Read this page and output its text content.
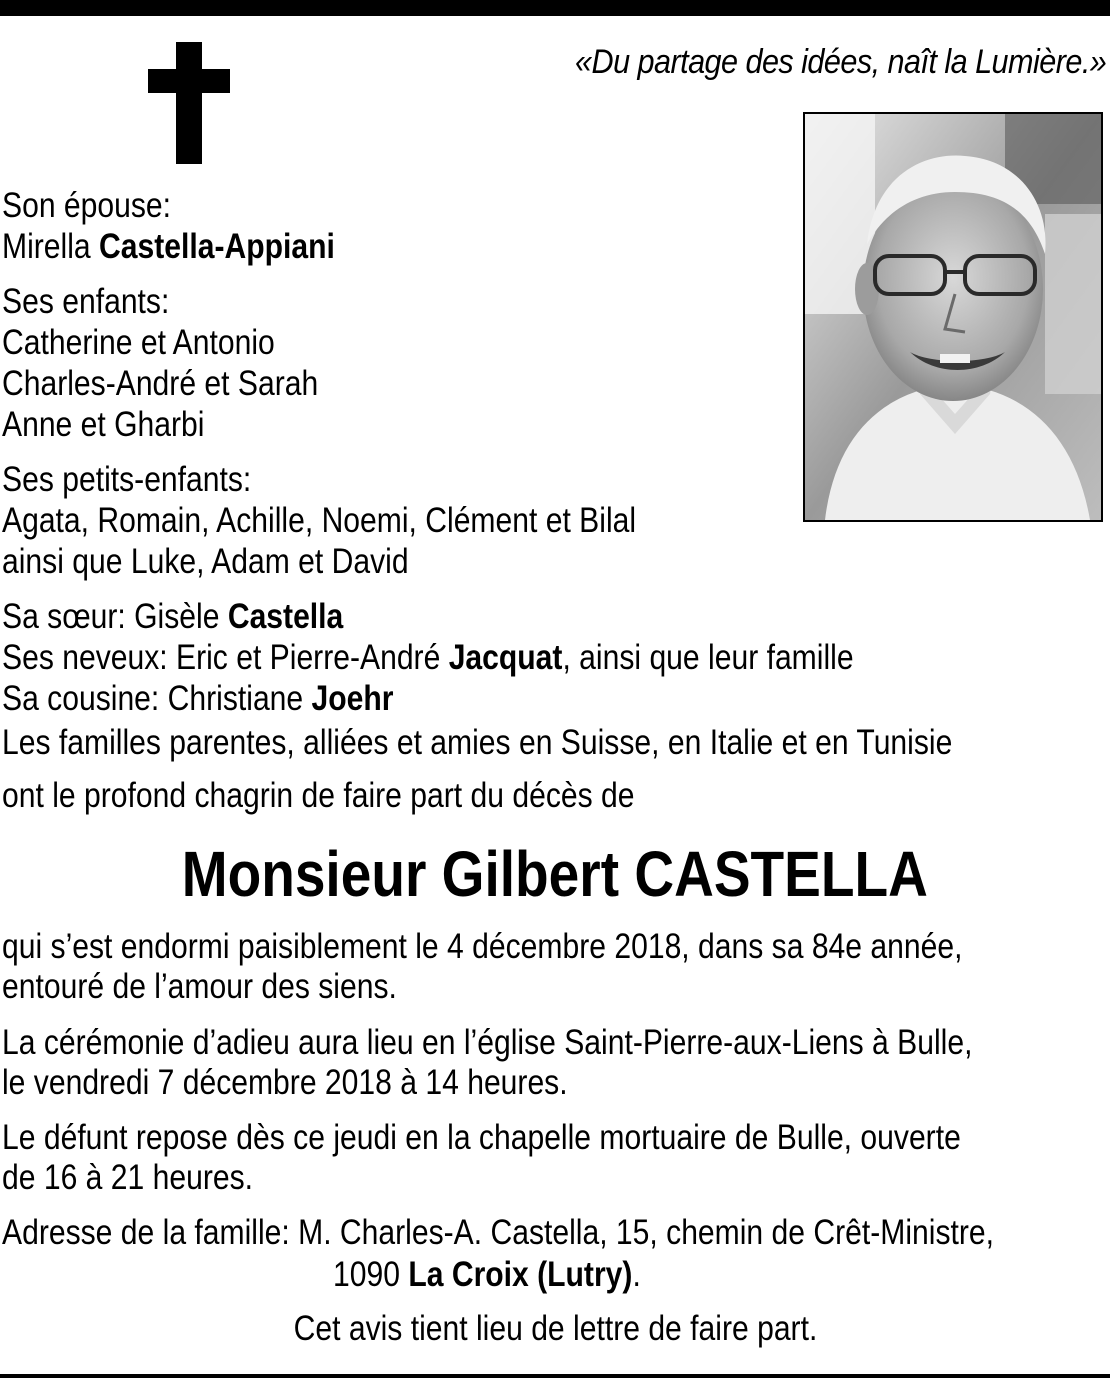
«Du partage des idées, naît la Lumière.»
Son épouse:
Mirella Castella-Appiani
Ses enfants:
Catherine et Antonio
Charles-André et Sarah
Anne et Gharbi
Ses petits-enfants:
Agata, Romain, Achille, Noemi, Clément et Bilal
ainsi que Luke, Adam et David
Sa sœur: Gisèle Castella
Ses neveux: Eric et Pierre-André Jacquat, ainsi que leur famille
Sa cousine: Christiane Joehr
Les familles parentes, alliées et amies en Suisse, en Italie et en Tunisie
ont le profond chagrin de faire part du décès de
Monsieur Gilbert CASTELLA
qui s’est endormi paisiblement le 4 décembre 2018, dans sa 84e année,
entouré de l’amour des siens.
La cérémonie d’adieu aura lieu en l’église Saint-Pierre-aux-Liens à Bulle,
le vendredi 7 décembre 2018 à 14 heures.
Le défunt repose dès ce jeudi en la chapelle mortuaire de Bulle, ouverte
de 16 à 21 heures.
Adresse de la famille: M. Charles-A. Castella, 15, chemin de Crêt-Ministre,
1090 La Croix (Lutry).
Cet avis tient lieu de lettre de faire part.
